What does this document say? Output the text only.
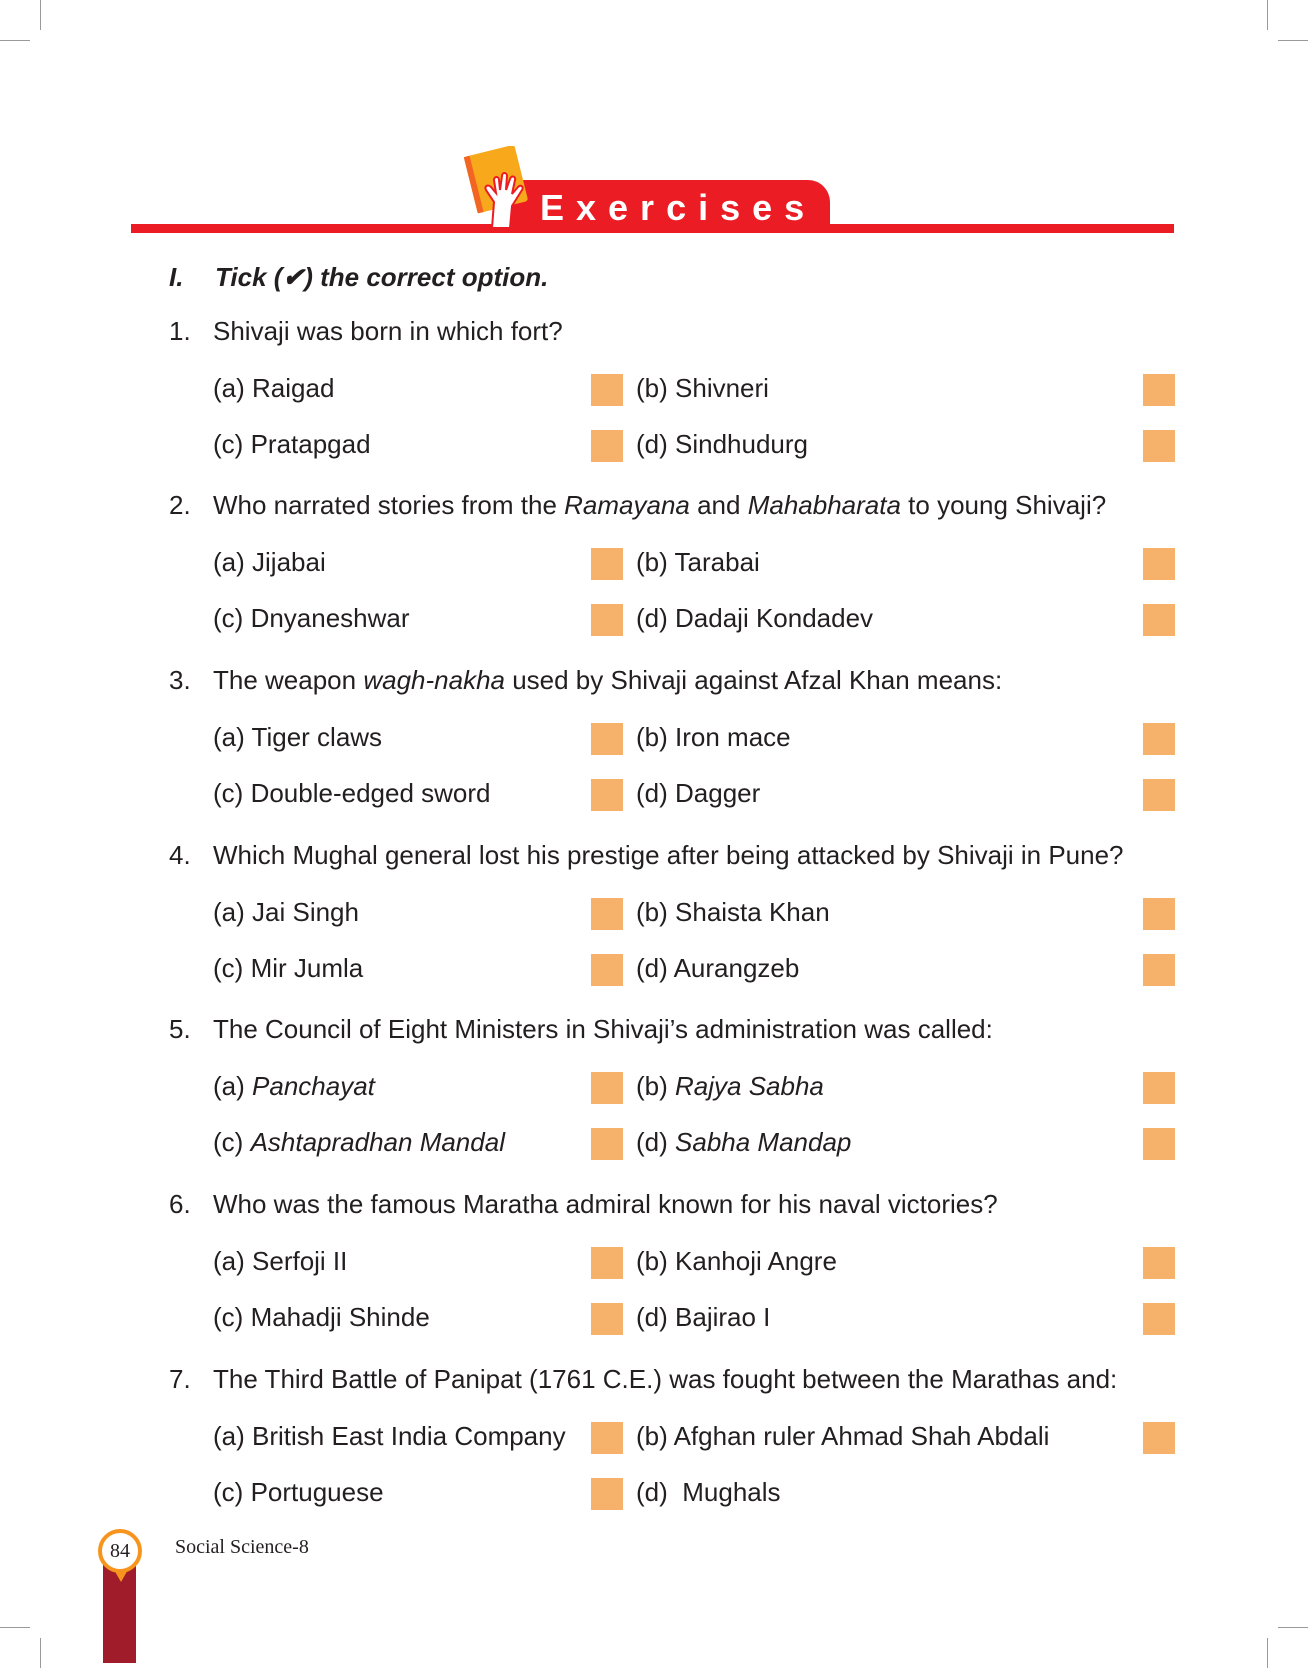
Exercises
I. Tick (✔) the correct option.
1. Shivaji was born in which fort?
(a) Raigad	(b) Shivneri
(c) Pratapgad	(d) Sindhudurg
2. Who narrated stories from the Ramayana and Mahabharata to young Shivaji?
(a) Jijabai	(b) Tarabai
(c) Dnyaneshwar	(d) Dadaji Kondadev
3. The weapon wagh-nakha used by Shivaji against Afzal Khan means:
(a) Tiger claws	(b) Iron mace
(c) Double-edged sword	(d) Dagger
4. Which Mughal general lost his prestige after being attacked by Shivaji in Pune?
(a) Jai Singh	(b) Shaista Khan
(c) Mir Jumla	(d) Aurangzeb
5. The Council of Eight Ministers in Shivaji’s administration was called:
(a) Panchayat	(b) Rajya Sabha
(c) Ashtapradhan Mandal	(d) Sabha Mandap
6. Who was the famous Maratha admiral known for his naval victories?
(a) Serfoji II	(b) Kanhoji Angre
(c) Mahadji Shinde	(d) Bajirao I
7. The Third Battle of Panipat (1761 C.E.) was fought between the Marathas and:
(a) British East India Company	(b) Afghan ruler Ahmad Shah Abdali
(c) Portuguese	(d)  Mughals
84	Social Science-8
